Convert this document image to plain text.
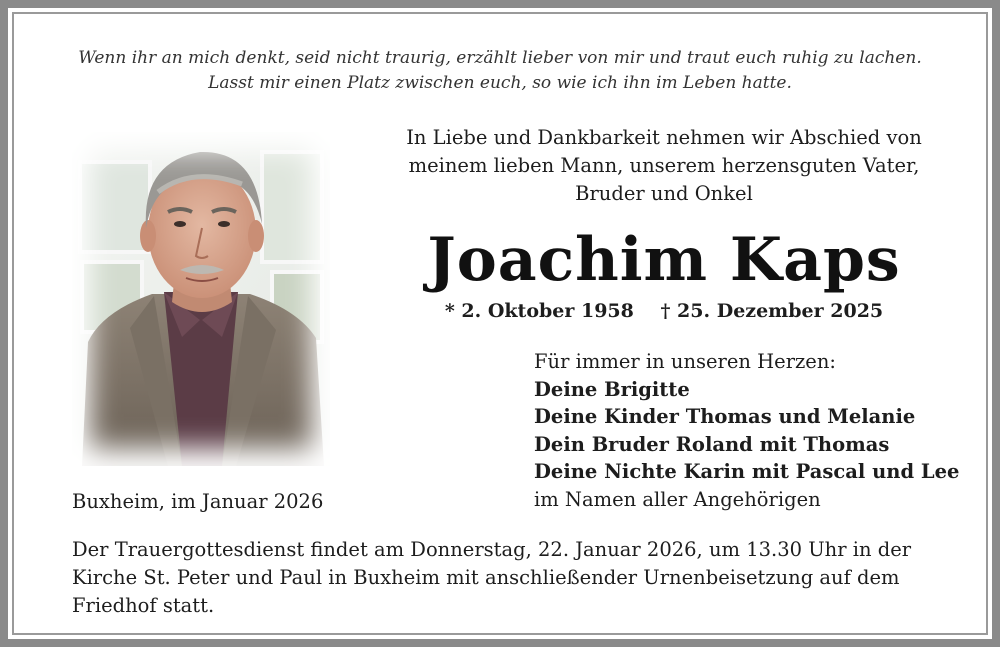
Wenn ihr an mich denkt, seid nicht traurig, erzählt lieber von mir und traut euch ruhig zu lachen.
Lasst mir einen Platz zwischen euch, so wie ich ihn im Leben hatte.
In Liebe und Dankbarkeit nehmen wir Abschied von
meinem lieben Mann, unserem herzensguten Vater,
Bruder und Onkel
Joachim Kaps
* 2. Oktober 1958 † 25. Dezember 2025
Für immer in unseren Herzen:
Deine Brigitte
Deine Kinder Thomas und Melanie
Dein Bruder Roland mit Thomas
Deine Nichte Karin mit Pascal und Lee
im Namen aller Angehörigen
Buxheim, im Januar 2026
Der Trauergottesdienst findet am Donnerstag, 22. Januar 2026, um 13.30 Uhr in der
Kirche St. Peter und Paul in Buxheim mit anschließender Urnenbeisetzung auf dem
Friedhof statt.
